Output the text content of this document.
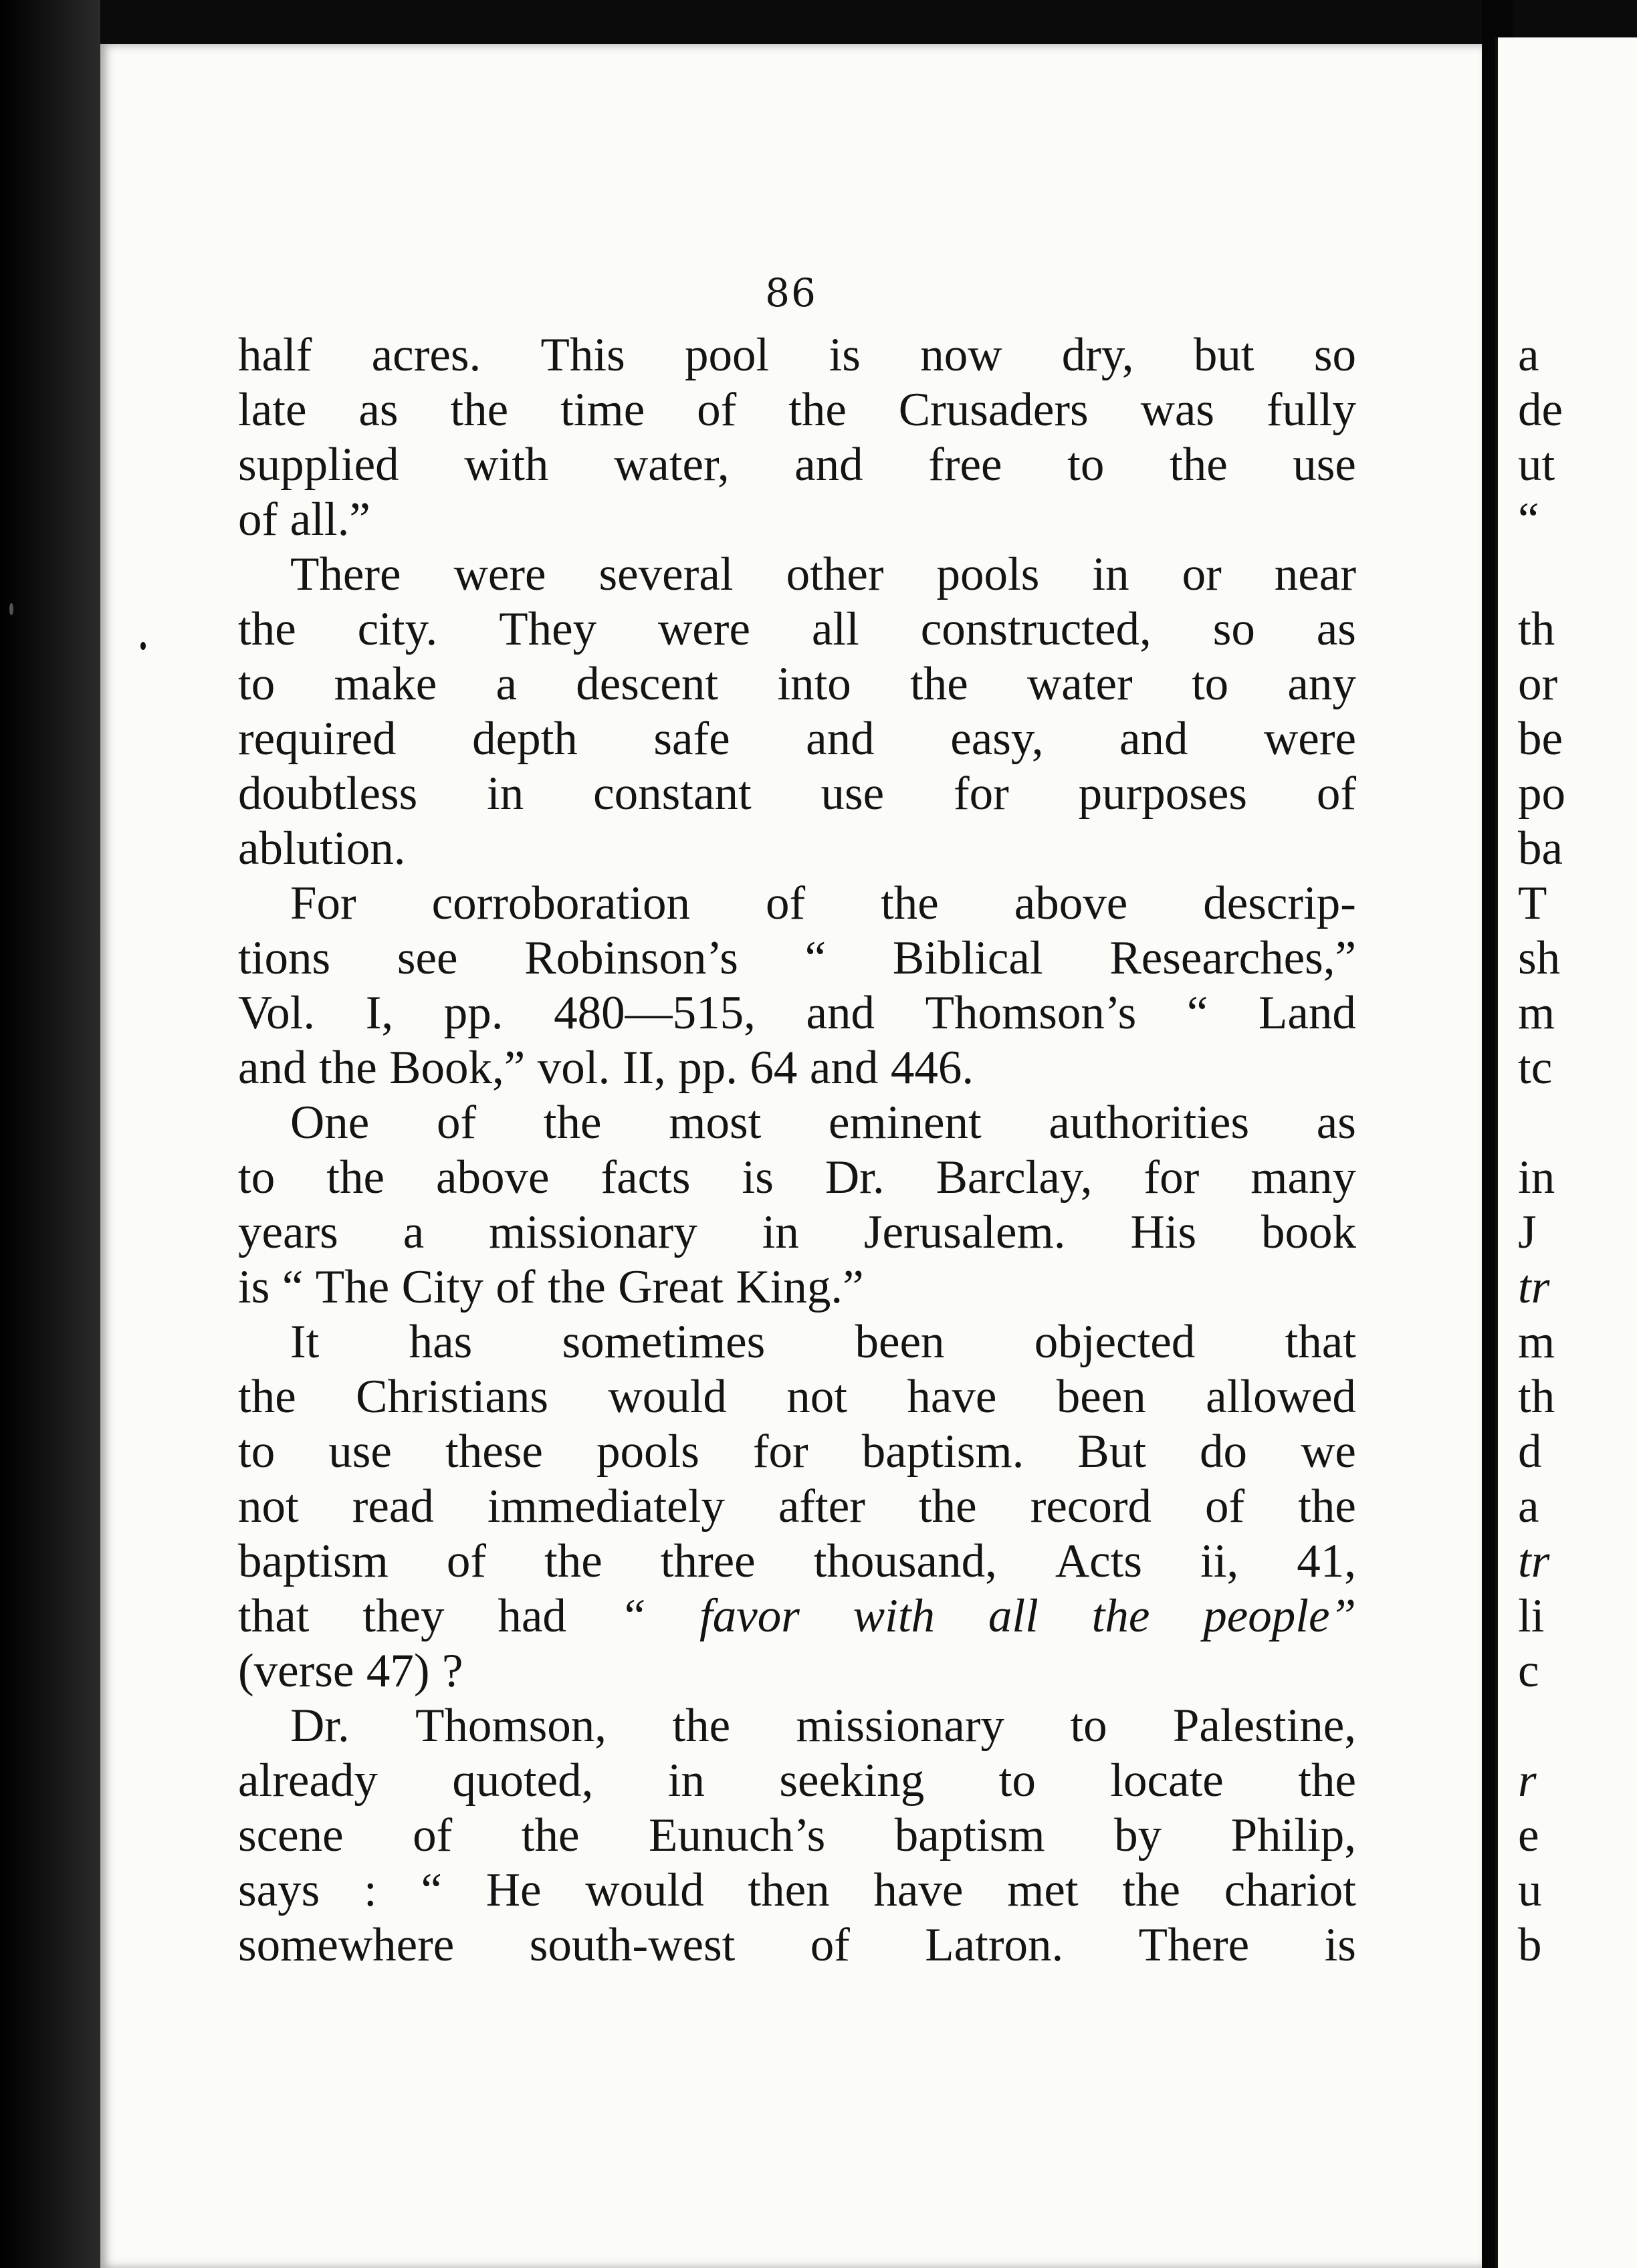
86
half acres. This pool is now dry, but so
late as the time of the Crusaders was fully
supplied with water, and free to the use
of all.”
There were several other pools in or near
the city. They were all constructed, so as
to make a descent into the water to any
required depth safe and easy, and were
doubtless in constant use for purposes of
ablution.
For corroboration of the above descrip-
tions see Robinson’s “ Biblical Researches,”
Vol. I, pp. 480—515, and Thomson’s “ Land
and the Book,” vol. II, pp. 64 and 446.
One of the most eminent authorities as
to the above facts is Dr. Barclay, for many
years a missionary in Jerusalem. His book
is “ The City of the Great King.”
It has sometimes been objected that
the Christians would not have been allowed
to use these pools for baptism. But do we
not read immediately after the record of the
baptism of the three thousand, Acts ii, 41,
that they had “ favor with all the people”
(verse 47) ?
Dr. Thomson, the missionary to Palestine,
already quoted, in seeking to locate the
scene of the Eunuch’s baptism by Philip,
says : “ He would then have met the chariot
somewhere south-west of Latron. There is
a
de
ut
“
th
or
be
po
ba
T
sh
m
tc
in
J
tr
m
th
d
a
tr
li
c
r
e
u
b
